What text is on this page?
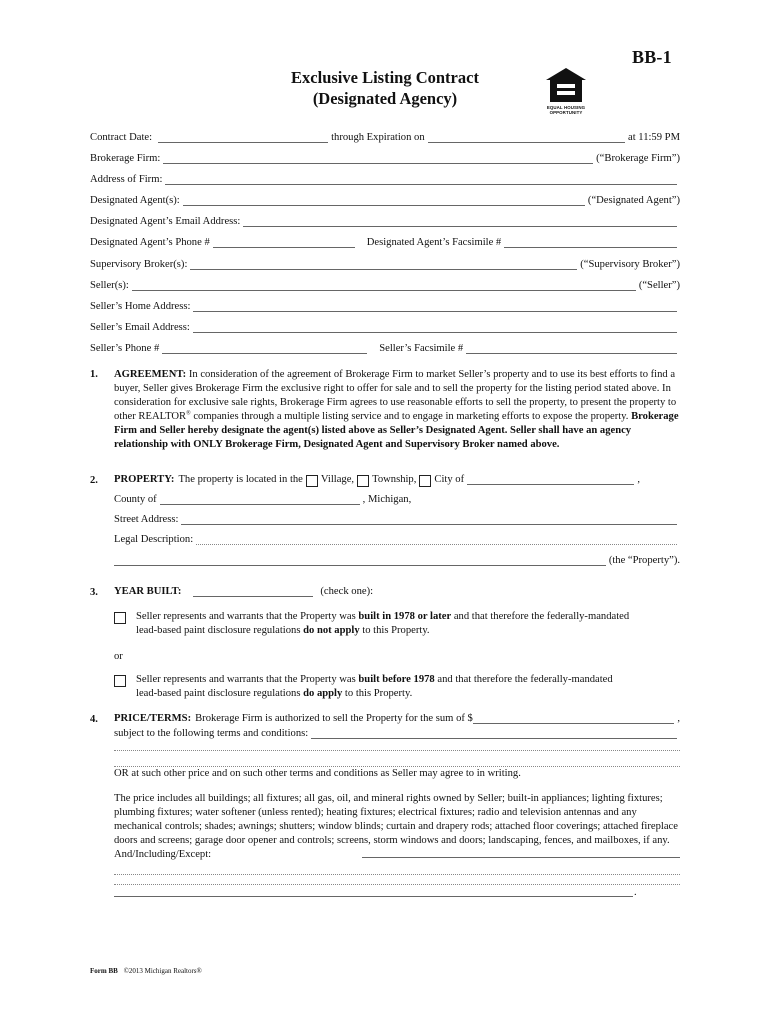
BB-1
Exclusive Listing Contract
(Designated Agency)	EQUAL HOUSING OPPORTUNITY
Contract Date:	through Expiration on	at 11:59 PM
Brokerage Firm:	(“Brokerage Firm”)
Address of Firm:
Designated Agent(s):	(“Designated Agent”)
Designated Agent’s Email Address:
Designated Agent’s Phone #	Designated Agent’s Facsimile #
Supervisory Broker(s):	(“Supervisory Broker”)
Seller(s):	(“Seller”)
Seller’s Home Address:
Seller’s Email Address:
Seller’s Phone #	Seller’s Facsimile #
1. AGREEMENT: In consideration of the agreement of Brokerage Firm to market Seller’s property and to use its best efforts to find a buyer, Seller gives Brokerage Firm the exclusive right to offer for sale and to sell the property for the listing period stated above. In consideration for exclusive sale rights, Brokerage Firm agrees to use reasonable efforts to sell the property, to present the property to other REALTOR® companies through a multiple listing service and to engage in marketing efforts to expose the property. Brokerage Firm and Seller hereby designate the agent(s) listed above as Seller’s Designated Agent. Seller shall have an agency relationship with ONLY Brokerage Firm, Designated Agent and Supervisory Broker named above.

2. PROPERTY: The property is located in the Village, Township, City of	,
County of	, Michigan,
Street Address:
Legal Description:
(the “Property”).
3. YEAR BUILT:	(check one):

Seller represents and warrants that the Property was built in 1978 or later and that therefore the federally-mandated lead-based paint disclosure regulations do not apply to this Property.

or

Seller represents and warrants that the Property was built before 1978 and that therefore the federally-mandated lead-based paint disclosure regulations do apply to this Property.

4. PRICE/TERMS: Brokerage Firm is authorized to sell the Property for the sum of $	,
subject to the following terms and conditions:
OR at such other price and on such other terms and conditions as Seller may agree to in writing.

The price includes all buildings; all fixtures; all gas, oil, and mineral rights owned by Seller; built-in appliances; lighting fixtures; plumbing fixtures; water softener (unless rented); heating fixtures; electrical fixtures; radio and television antennas and any mechanical controls; shades; awnings; shutters; window blinds; curtain and drapery rods; attached floor coverings; attached fireplace doors and screens; garage door opener and controls; screens, storm windows and doors; landscaping, fences, and mailboxes, if any. And/Including/Except:

.
Form BB ©2013 Michigan Realtors®
